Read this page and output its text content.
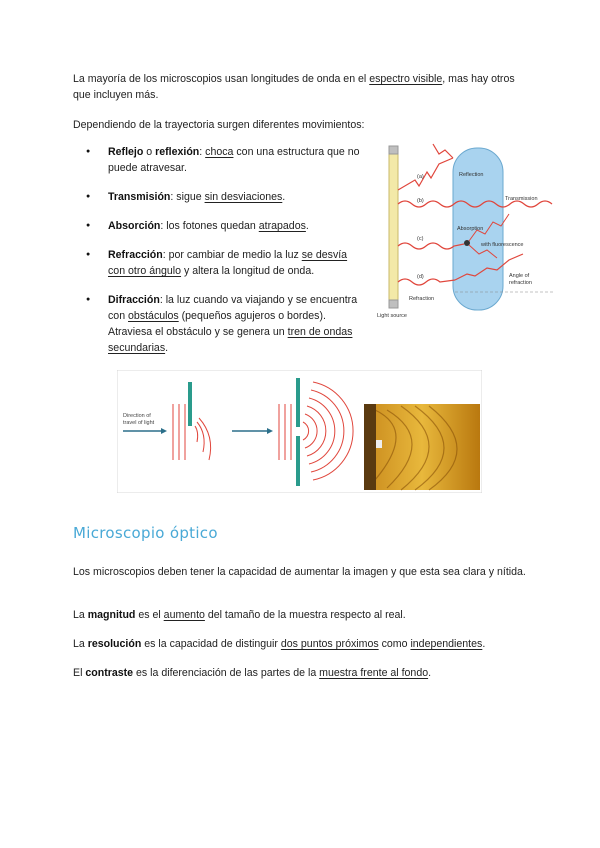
La mayoría de los microscopios usan longitudes de onda en el espectro visible, mas hay otros que incluyen más.

Dependiendo de la trayectoria surgen diferentes movimientos:

● Reflejo o reflexión: choca con una estructura que no puede atravesar.
● Transmisión: sigue sin desviaciones.
● Absorción: los fotones quedan atrapados.
● Refracción: por cambiar de medio la luz se desvía con otro ángulo y altera la longitud de onda.
● Difracción: la luz cuando va viajando y se encuentra con obstáculos (pequeños agujeros o bordes). Atraviesa el obstáculo y se genera un tren de ondas secundarias.
(a)
(b)
(c)
(d)
Reflection
Transmission
Absorption
with fluorescence
Angle of
refraction
Refraction
Light source
Direction of
travel of light
Microscopio óptico

Los microscopios deben tener la capacidad de aumentar la imagen y que esta sea clara y nítida.

La magnitud es el aumento del tamaño de la muestra respecto al real.

La resolución es la capacidad de distinguir dos puntos próximos como independientes.

El contraste es la diferenciación de las partes de la muestra frente al fondo.
